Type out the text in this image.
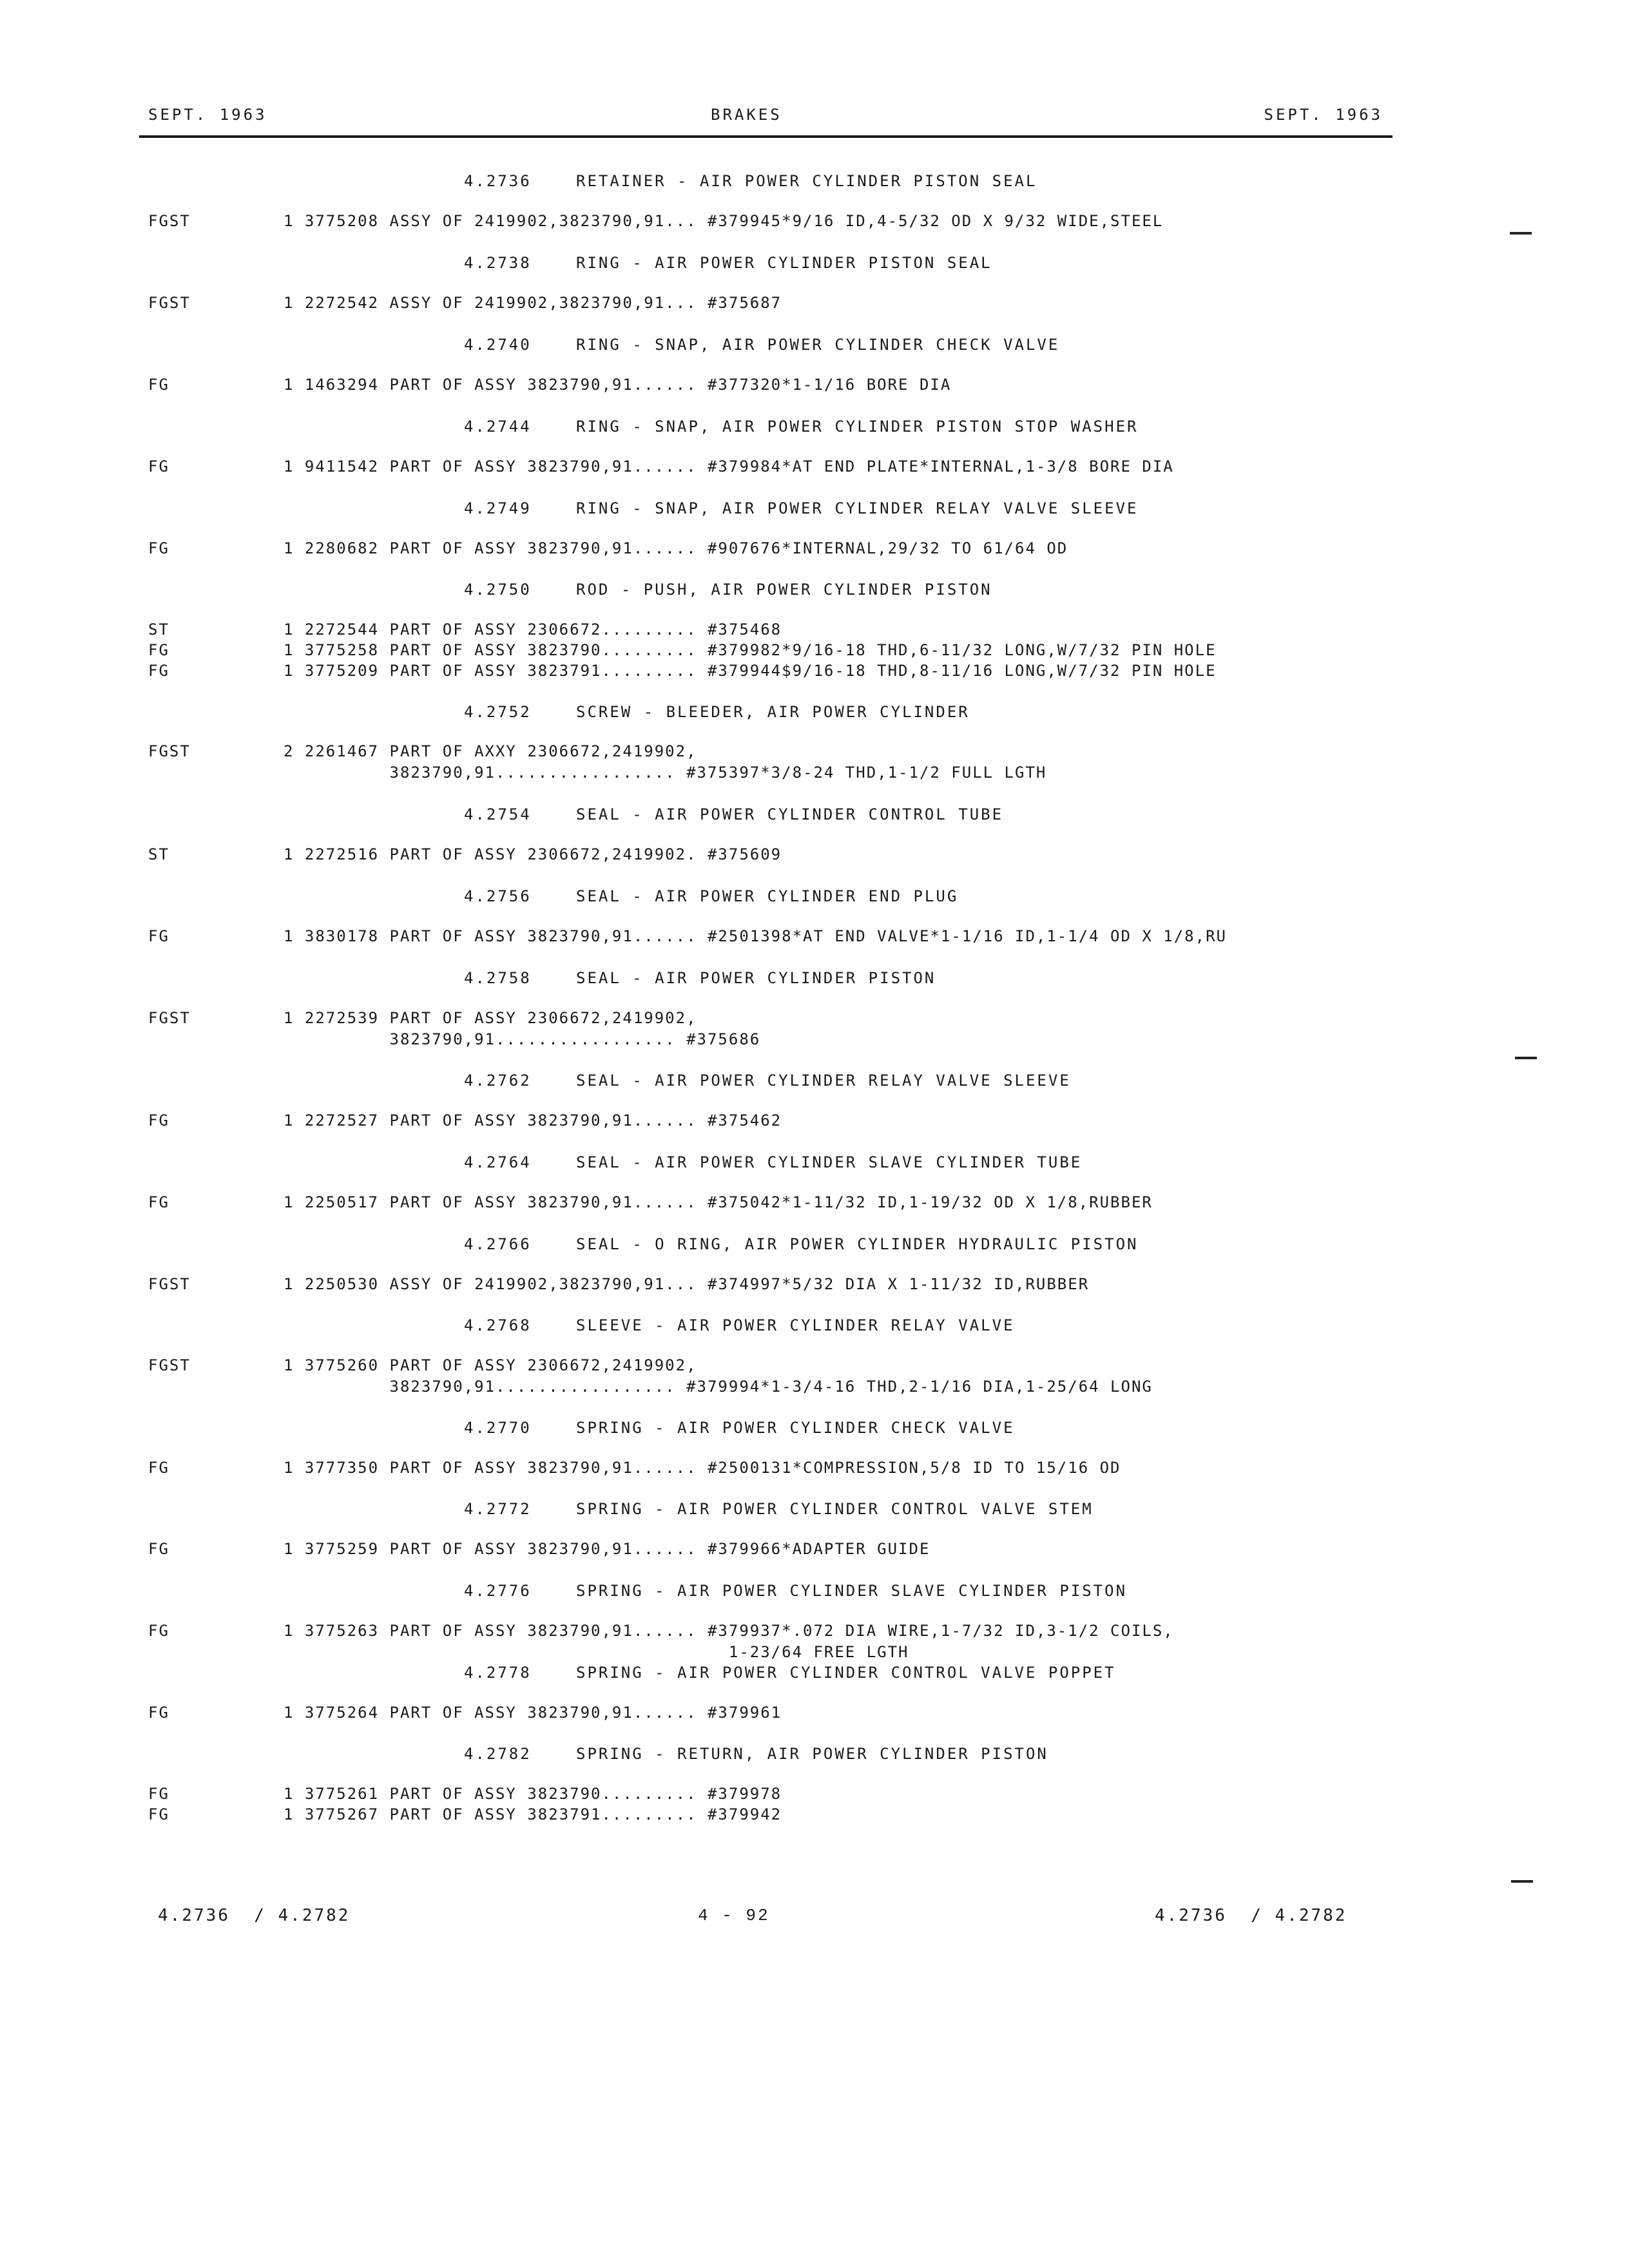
SEPT. 1963	BRAKES	SEPT. 1963
4.2736	RETAINER - AIR POWER CYLINDER PISTON SEAL
FGST	1 3775208 ASSY OF 2419902,3823790,91... #379945*9/16 ID,4-5/32 OD X 9/32 WIDE,STEEL
4.2738	RING - AIR POWER CYLINDER PISTON SEAL
FGST	1 2272542 ASSY OF 2419902,3823790,91... #375687
4.2740	RING - SNAP, AIR POWER CYLINDER CHECK VALVE
FG	1 1463294 PART OF ASSY 3823790,91...... #377320*1-1/16 BORE DIA
4.2744	RING - SNAP, AIR POWER CYLINDER PISTON STOP WASHER
FG	1 9411542 PART OF ASSY 3823790,91...... #379984*AT END PLATE*INTERNAL,1-3/8 BORE DIA
4.2749	RING - SNAP, AIR POWER CYLINDER RELAY VALVE SLEEVE
FG	1 2280682 PART OF ASSY 3823790,91...... #907676*INTERNAL,29/32 TO 61/64 OD
4.2750	ROD - PUSH, AIR POWER CYLINDER PISTON
ST	1 2272544 PART OF ASSY 2306672......... #375468
FG	1 3775258 PART OF ASSY 3823790......... #379982*9/16-18 THD,6-11/32 LONG,W/7/32 PIN HOLE
FG	1 3775209 PART OF ASSY 3823791......... #379944$9/16-18 THD,8-11/16 LONG,W/7/32 PIN HOLE
4.2752	SCREW - BLEEDER, AIR POWER CYLINDER
FGST	2 2261467 PART OF AXXY 2306672,2419902,
3823790,91................. #375397*3/8-24 THD,1-1/2 FULL LGTH
4.2754	SEAL - AIR POWER CYLINDER CONTROL TUBE
ST	1 2272516 PART OF ASSY 2306672,2419902. #375609
4.2756	SEAL - AIR POWER CYLINDER END PLUG
FG	1 3830178 PART OF ASSY 3823790,91...... #2501398*AT END VALVE*1-1/16 ID,1-1/4 OD X 1/8,RU
4.2758	SEAL - AIR POWER CYLINDER PISTON
FGST	1 2272539 PART OF ASSY 2306672,2419902,
3823790,91................. #375686
4.2762	SEAL - AIR POWER CYLINDER RELAY VALVE SLEEVE
FG	1 2272527 PART OF ASSY 3823790,91...... #375462
4.2764	SEAL - AIR POWER CYLINDER SLAVE CYLINDER TUBE
FG	1 2250517 PART OF ASSY 3823790,91...... #375042*1-11/32 ID,1-19/32 OD X 1/8,RUBBER
4.2766	SEAL - O RING, AIR POWER CYLINDER HYDRAULIC PISTON
FGST	1 2250530 ASSY OF 2419902,3823790,91... #374997*5/32 DIA X 1-11/32 ID,RUBBER
4.2768	SLEEVE - AIR POWER CYLINDER RELAY VALVE
FGST	1 3775260 PART OF ASSY 2306672,2419902,
3823790,91................. #379994*1-3/4-16 THD,2-1/16 DIA,1-25/64 LONG
4.2770	SPRING - AIR POWER CYLINDER CHECK VALVE
FG	1 3777350 PART OF ASSY 3823790,91...... #2500131*COMPRESSION,5/8 ID TO 15/16 OD
4.2772	SPRING - AIR POWER CYLINDER CONTROL VALVE STEM
FG	1 3775259 PART OF ASSY 3823790,91...... #379966*ADAPTER GUIDE
4.2776	SPRING - AIR POWER CYLINDER SLAVE CYLINDER PISTON
FG	1 3775263 PART OF ASSY 3823790,91...... #379937*.072 DIA WIRE,1-7/32 ID,3-1/2 COILS,
1-23/64 FREE LGTH
4.2778	SPRING - AIR POWER CYLINDER CONTROL VALVE POPPET
FG	1 3775264 PART OF ASSY 3823790,91...... #379961
4.2782	SPRING - RETURN, AIR POWER CYLINDER PISTON
FG	1 3775261 PART OF ASSY 3823790......... #379978
FG	1 3775267 PART OF ASSY 3823791......... #379942
4.2736  / 4.2782	4 - 92	4.2736  / 4.2782
